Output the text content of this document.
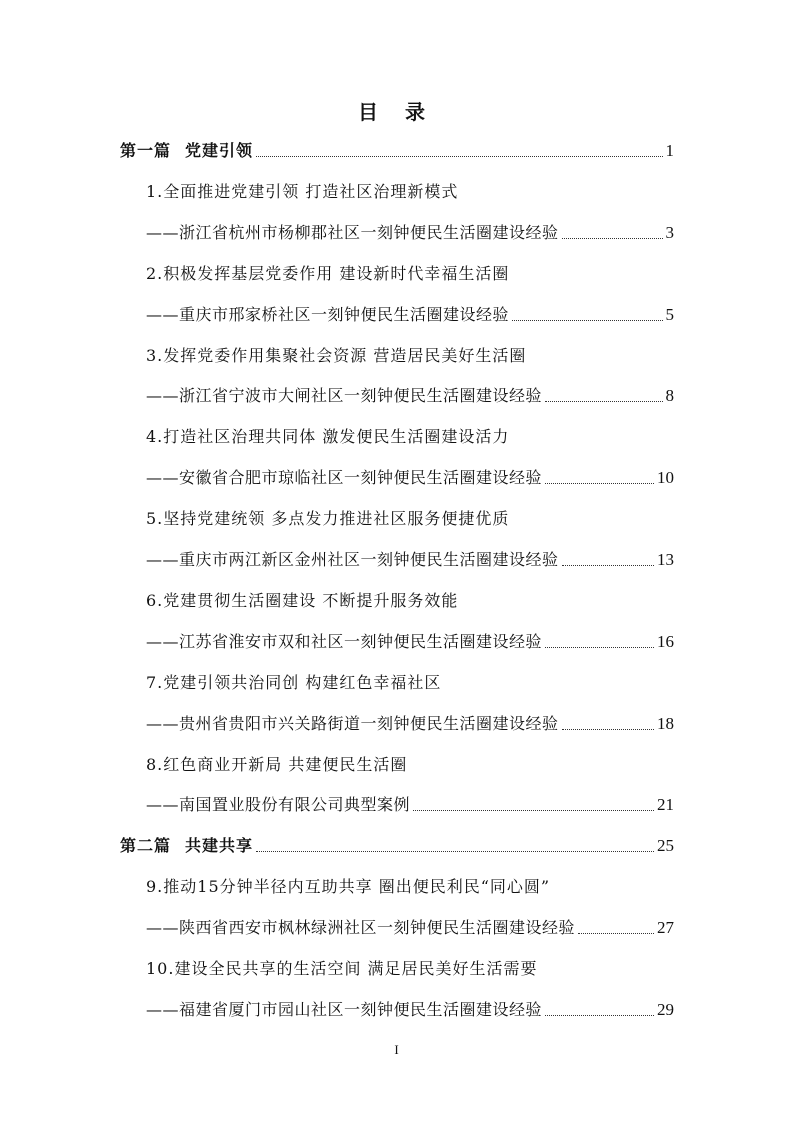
目 录
第一篇 党建引领	1
1.全面推进党建引领 打造社区治理新模式
——浙江省杭州市杨柳郡社区一刻钟便民生活圈建设经验	3
2.积极发挥基层党委作用 建设新时代幸福生活圈
——重庆市邢家桥社区一刻钟便民生活圈建设经验	5
3.发挥党委作用集聚社会资源 营造居民美好生活圈
——浙江省宁波市大闸社区一刻钟便民生活圈建设经验	8
4.打造社区治理共同体 激发便民生活圈建设活力
——安徽省合肥市琼临社区一刻钟便民生活圈建设经验	10
5.坚持党建统领 多点发力推进社区服务便捷优质
——重庆市两江新区金州社区一刻钟便民生活圈建设经验	13
6.党建贯彻生活圈建设 不断提升服务效能
——江苏省淮安市双和社区一刻钟便民生活圈建设经验	16
7.党建引领共治同创 构建红色幸福社区
——贵州省贵阳市兴关路街道一刻钟便民生活圈建设经验	18
8.红色商业开新局 共建便民生活圈
——南国置业股份有限公司典型案例	21
第二篇 共建共享	25
9.推动15分钟半径内互助共享 圈出便民利民“同心圆”
——陕西省西安市枫林绿洲社区一刻钟便民生活圈建设经验	27
10.建设全民共享的生活空间 满足居民美好生活需要
——福建省厦门市园山社区一刻钟便民生活圈建设经验	29
I
